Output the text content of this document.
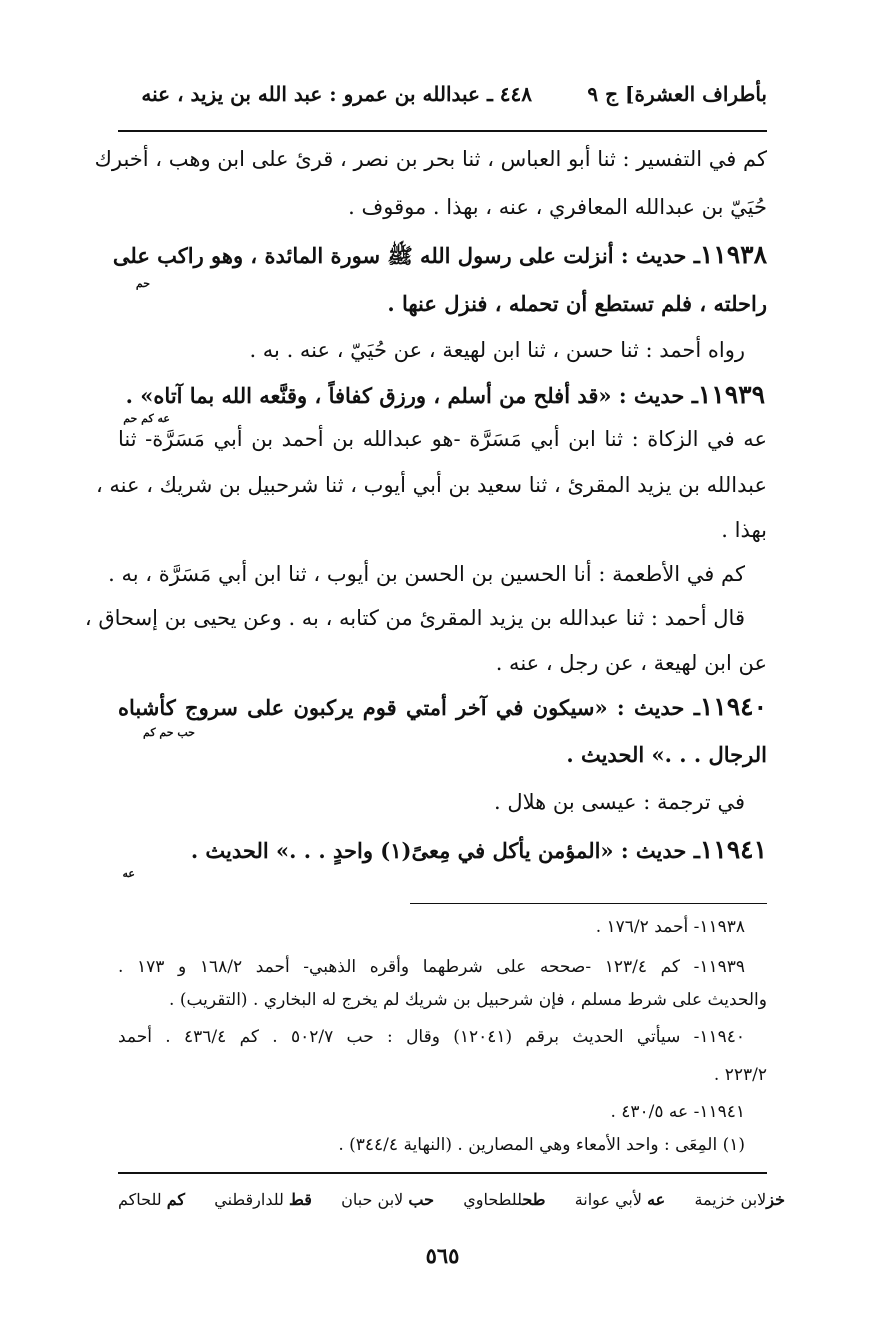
بأطراف العشرة] ج ٩
٤٤٨ ـ عبدالله بن عمرو : عبد الله بن يزيد ، عنه
كم في التفسير : ثنا أبو العباس ، ثنا بحر بن نصر ، قرئ على ابن وهب ، أخبرك
حُيَيّ بن عبدالله المعافري ، عنه ، بهذا . موقوف .
١١٩٣٨ـ حديث : أنزلت على رسول الله ﷺ سورة المائدة ، وهو راكب على
حم
راحلته ، فلم تستطع أن تحمله ، فنزل عنها .
رواه أحمد : ثنا حسن ، ثنا ابن لهيعة ، عن حُيَيّ ، عنه . به .
١١٩٣٩ـ حديث : «قد أفلح من أسلم ، ورزق كفافاً ، وقنَّعه الله بما آتاه» .
عه كم حم
عه في الزكاة : ثنا ابن أبي مَسَرَّة -هو عبدالله بن أحمد بن أبي مَسَرَّة- ثنا
عبدالله بن يزيد المقرئ ، ثنا سعيد بن أبي أيوب ، ثنا شرحبيل بن شريك ، عنه ،
بهذا .
كم في الأطعمة : أنا الحسين بن الحسن بن أيوب ، ثنا ابن أبي مَسَرَّة ، به .
قال أحمد : ثنا عبدالله بن يزيد المقرئ من كتابه ، به . وعن يحيى بن إسحاق ،
عن ابن لهيعة ، عن رجل ، عنه .
١١٩٤٠ـ حديث : «سيكون في آخر أمتي قوم يركبون على سروج كأشباه
حب حم كم
الرجال . . .» الحديث .
في ترجمة : عيسى بن هلال .
١١٩٤١ـ حديث : «المؤمن يأكل في مِعىً(١) واحدٍ . . .» الحديث .
عه
١١٩٣٨- أحمد ١٧٦/٢ .
١١٩٣٩- كم ١٢٣/٤ -صححه على شرطهما وأقره الذهبي- أحمد ١٦٨/٢ و ١٧٣ .
والحديث على شرط مسلم ، فإن شرحبيل بن شريك لم يخرج له البخاري . (التقريب) .
١١٩٤٠- سيأتي الحديث برقم (١٢٠٤١) وقال : حب ٥٠٢/٧ . كم ٤٣٦/٤ . أحمد
٢٢٣/٢ .
١١٩٤١- عه ٤٣٠/٥ .
(١) المِعَى : واحد الأمعاء وهي المصارين . (النهاية ٣٤٤/٤) .
خزلابن خزيمة
عه لأبي عوانة
طحللطحاوي
حب لابن حبان
قط للدارقطني
كم للحاكم
٥٦٥
